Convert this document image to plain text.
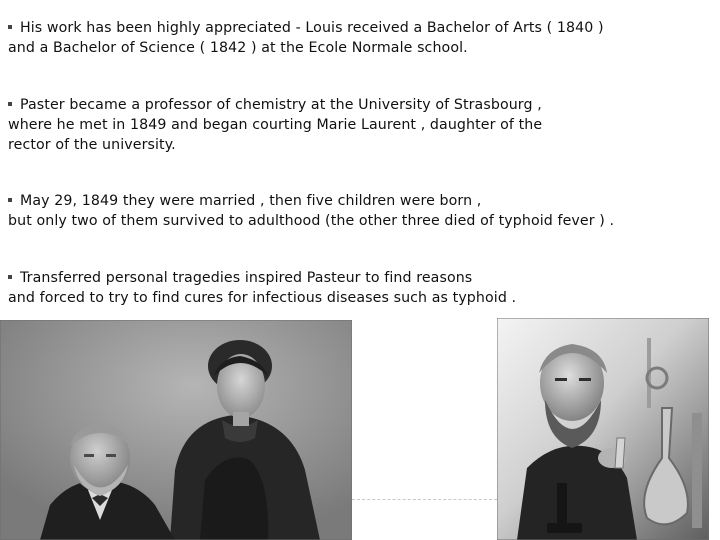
His work has been highly appreciated - Louis received a Bachelor of Arts ( 1840 )
and a Bachelor of Science ( 1842 ) at the Ecole Normale school.
Paster became a professor of chemistry at the University of Strasbourg ,
where he met in 1849 and began courting Marie Laurent , daughter of the
rector of the university.
May 29, 1849 they were married , then five children were born ,
but only two of them survived to adulthood (the other three died of typhoid fever ) .
Transferred personal tragedies inspired Pasteur to find reasons
and forced to try to find cures for infectious diseases such as typhoid .
